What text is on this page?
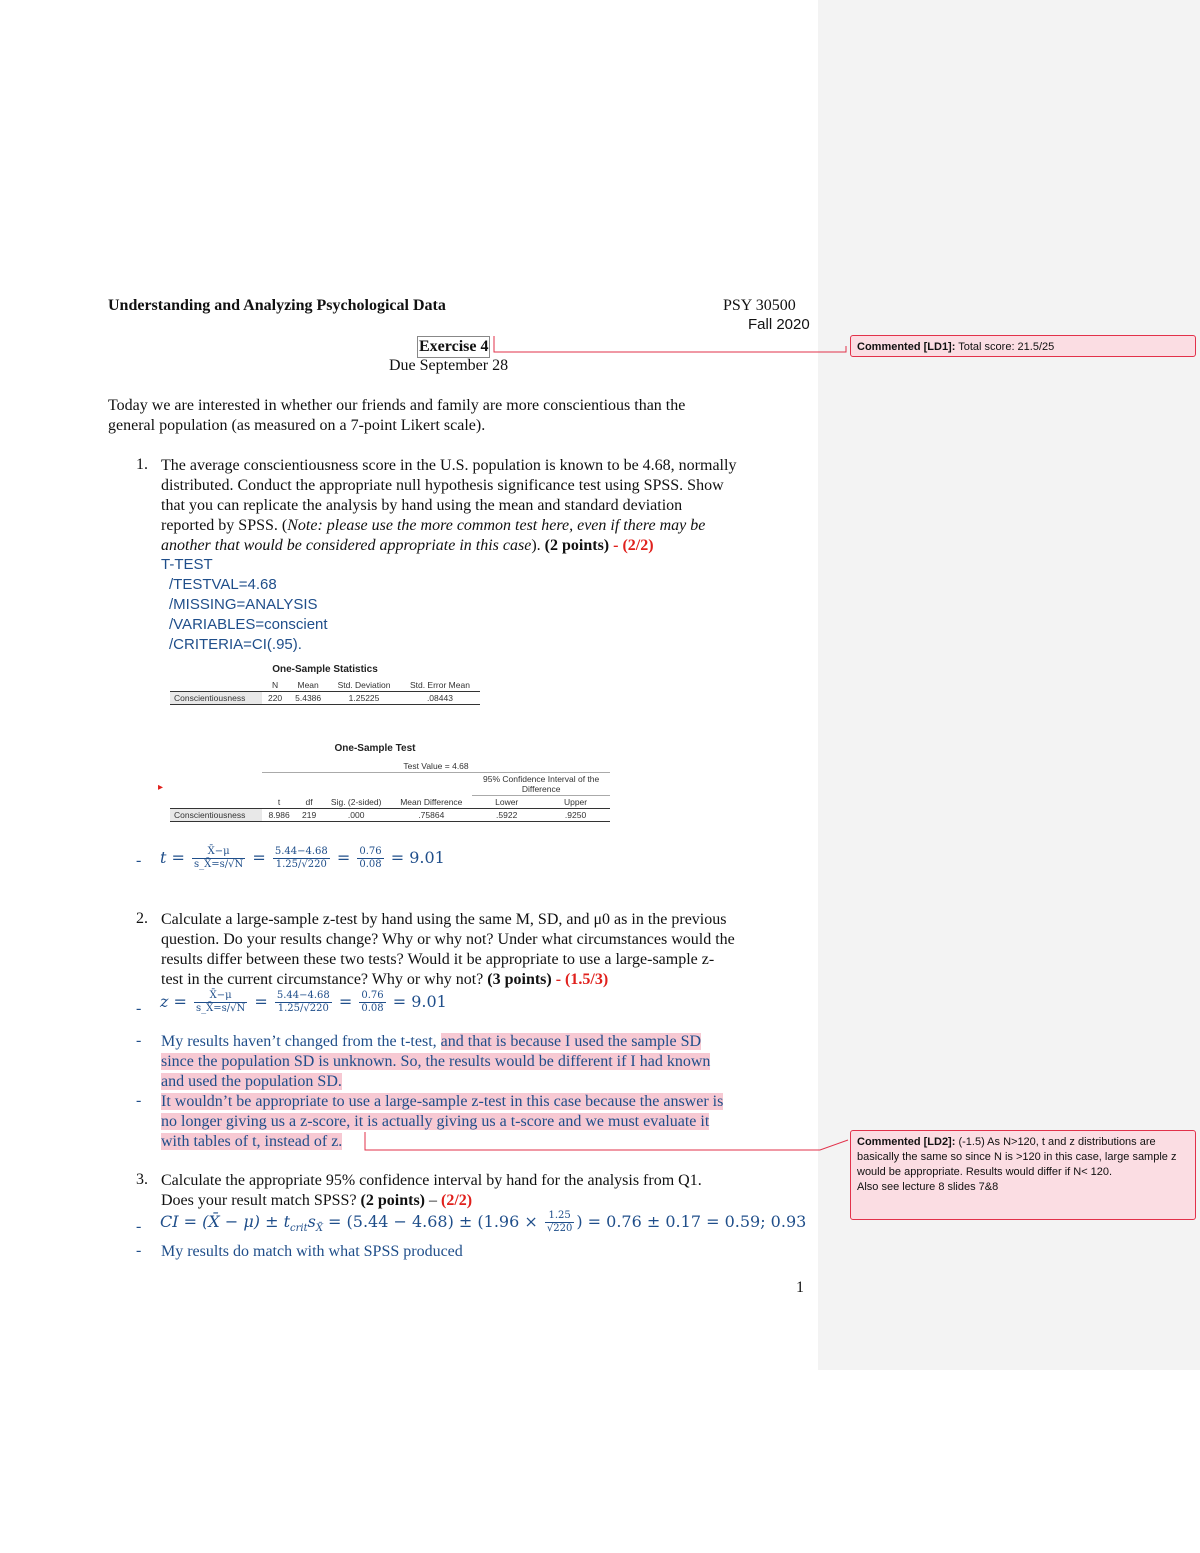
Understanding and Analyzing Psychological Data	PSY 30500
Fall 2020
Exercise 4
Due September 28
Today we are interested in whether our friends and family are more conscientious than the
general population (as measured on a 7-point Likert scale).
1. The average conscientiousness score in the U.S. population is known to be 4.68, normally
distributed. Conduct the appropriate null hypothesis significance test using SPSS. Show
that you can replicate the analysis by hand using the mean and standard deviation
reported by SPSS. (Note: please use the more common test here, even if there may be
another that would be considered appropriate in this case). (2 points) - (2/2)
T-TEST
/TESTVAL=4.68
/MISSING=ANALYSIS
/VARIABLES=conscient
/CRITERIA=CI(.95).
One-Sample Statistics
	N	Mean	Std. Deviation	Std. Error Mean
Conscientiousness	220	5.4386	1.25225	.08443
One-Sample Test
	Test Value = 4.68					
					95% Confidence Interval of the Difference	
	t	df	Sig. (2-sided)	Mean Difference	Lower	Upper
Conscientiousness	8.986	219	.000	.75864	.5922	.9250
▸
- $t = \frac{X̄-\mu}{s\_X̄=s/√N} = \frac{5.44-4.68}{1.25/√220} = \frac{0.76}{0.08} = 9.01$
2. Calculate a large-sample z-test by hand using the same M, SD, and μ0 as in the previous
question. Do your results change? Why or why not? Under what circumstances would the
results differ between these two tests? Would it be appropriate to use a large-sample z-
test in the current circumstance? Why or why not? (3 points) - (1.5/3)
- $z = \frac{X̄-\mu}{s\_X̄=s/√N} = \frac{5.44-4.68}{1.25/√220} = \frac{0.76}{0.08} = 9.01$
- My results haven’t changed from the t-test, and that is because I used the sample SD
since the population SD is unknown. So, the results would be different if I had known
and used the population SD.
- It wouldn’t be appropriate to use a large-sample z-test in this case because the answer is
no longer giving us a z-score, it is actually giving us a t-score and we must evaluate it
with tables of t, instead of z.
3. Calculate the appropriate 95% confidence interval by hand for the analysis from Q1.
Does your result match SPSS? (2 points) – (2/2)
- CI = (X̄ − $\mu) \pm t_{crit}s_{X̄} = (5.44 - 4.68) \pm (1.96 \times \frac{1.25}{√220}$ ) = 0.76 ± 0.17 = 0.59; 0.93
- My results do match with what SPSS produced
1
Commented [LD1]: Total score: 21.5/25
Commented [LD2]: (-1.5) As N>120, t and z distributions are basically the same so since N is >120 in this case, large sample z would be appropriate. Results would differ if N< 120.
Also see lecture 8 slides 7&8
